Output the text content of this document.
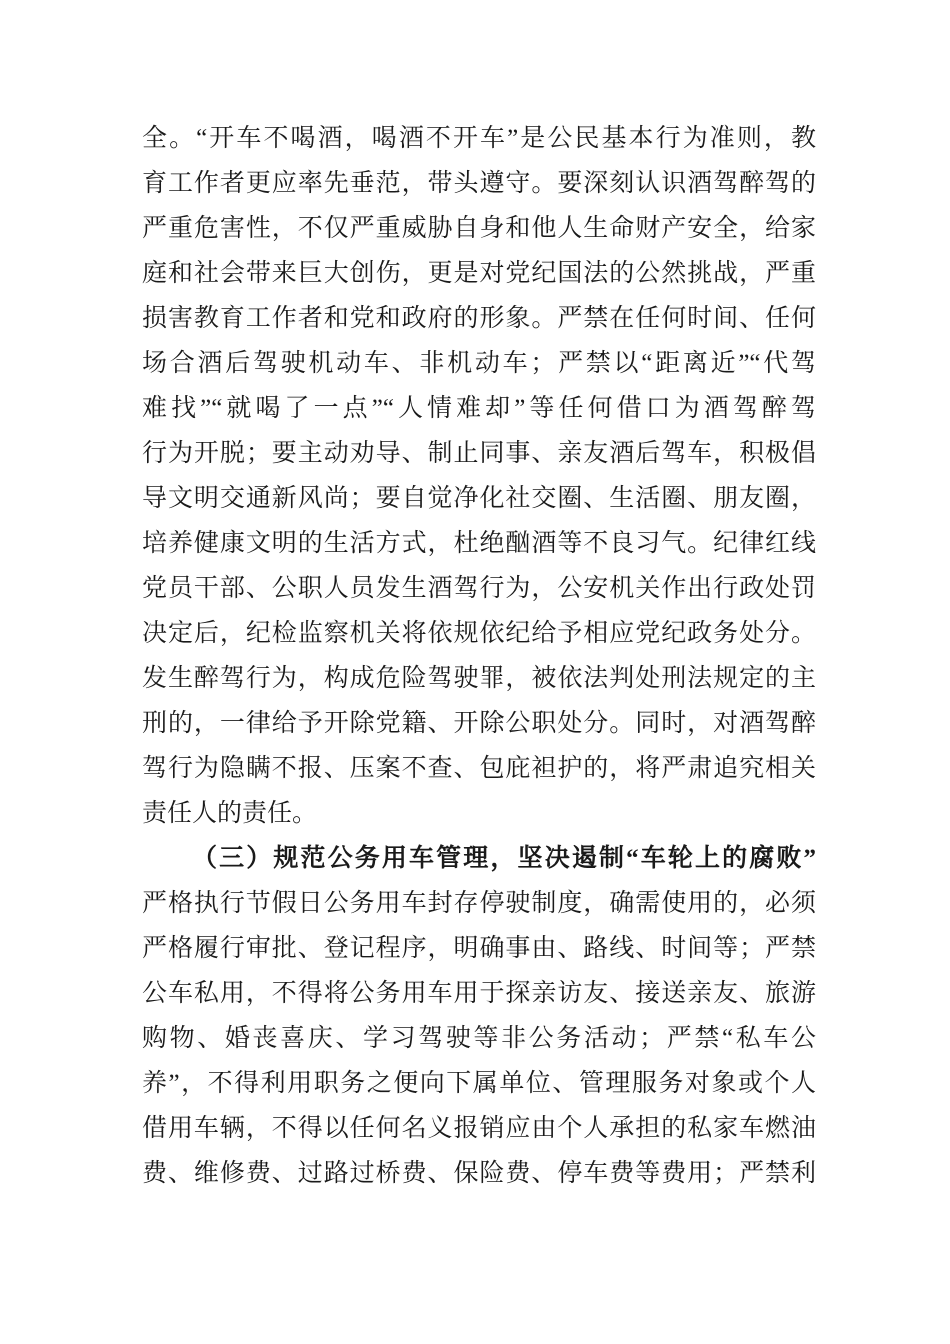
全。“开车不喝酒，喝酒不开车”是公民基本行为准则，教
育工作者更应率先垂范，带头遵守。要深刻认识酒驾醉驾的
严重危害性，不仅严重威胁自身和他人生命财产安全，给家
庭和社会带来巨大创伤，更是对党纪国法的公然挑战，严重
损害教育工作者和党和政府的形象。严禁在任何时间、任何
场合酒后驾驶机动车、非机动车；严禁以“距离近”“代驾
难找”“就喝了一点”“人情难却”等任何借口为酒驾醉驾
行为开脱；要主动劝导、制止同事、亲友酒后驾车，积极倡
导文明交通新风尚；要自觉净化社交圈、生活圈、朋友圈，
培养健康文明的生活方式，杜绝酗酒等不良习气。纪律红线
党员干部、公职人员发生酒驾行为，公安机关作出行政处罚
决定后，纪检监察机关将依规依纪给予相应党纪政务处分。
发生醉驾行为，构成危险驾驶罪，被依法判处刑法规定的主
刑的，一律给予开除党籍、开除公职处分。同时，对酒驾醉
驾行为隐瞒不报、压案不查、包庇袒护的，将严肃追究相关
责任人的责任。
（三）规范公务用车管理，坚决遏制“车轮上的腐败”
严格执行节假日公务用车封存停驶制度，确需使用的，必须
严格履行审批、登记程序，明确事由、路线、时间等；严禁
公车私用，不得将公务用车用于探亲访友、接送亲友、旅游
购物、婚丧喜庆、学习驾驶等非公务活动；严禁“私车公
养”，不得利用职务之便向下属单位、管理服务对象或个人
借用车辆，不得以任何名义报销应由个人承担的私家车燃油
费、维修费、过路过桥费、保险费、停车费等费用；严禁利
